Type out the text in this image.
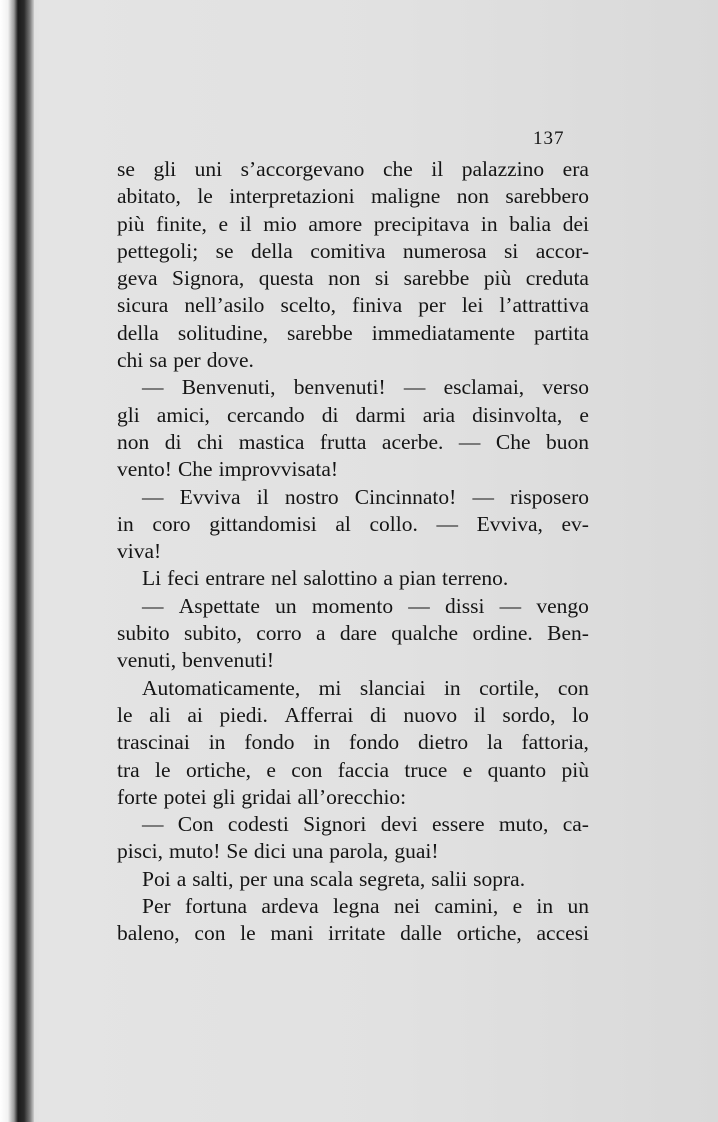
137
se gli uni s’accorgevano che il palazzino era
abitato, le interpretazioni maligne non sarebbero
più finite, e il mio amore precipitava in balia dei
pettegoli; se della comitiva numerosa si accor-
geva Signora, questa non si sarebbe più creduta
sicura nell’asilo scelto, finiva per lei l’attrattiva
della solitudine, sarebbe immediatamente partita
chi sa per dove.
— Benvenuti, benvenuti! — esclamai, verso
gli amici, cercando di darmi aria disinvolta, e
non di chi mastica frutta acerbe. — Che buon
vento! Che improvvisata!
— Evviva il nostro Cincinnato! — risposero
in coro gittandomisi al collo. — Evviva, ev-
viva!
Li feci entrare nel salottino a pian terreno.
— Aspettate un momento — dissi — vengo
subito subito, corro a dare qualche ordine. Ben-
venuti, benvenuti!
Automaticamente, mi slanciai in cortile, con
le ali ai piedi. Afferrai di nuovo il sordo, lo
trascinai in fondo in fondo dietro la fattoria,
tra le ortiche, e con faccia truce e quanto più
forte potei gli gridai all’orecchio:
— Con codesti Signori devi essere muto, ca-
pisci, muto! Se dici una parola, guai!
Poi a salti, per una scala segreta, salii sopra.
Per fortuna ardeva legna nei camini, e in un
baleno, con le mani irritate dalle ortiche, accesi
